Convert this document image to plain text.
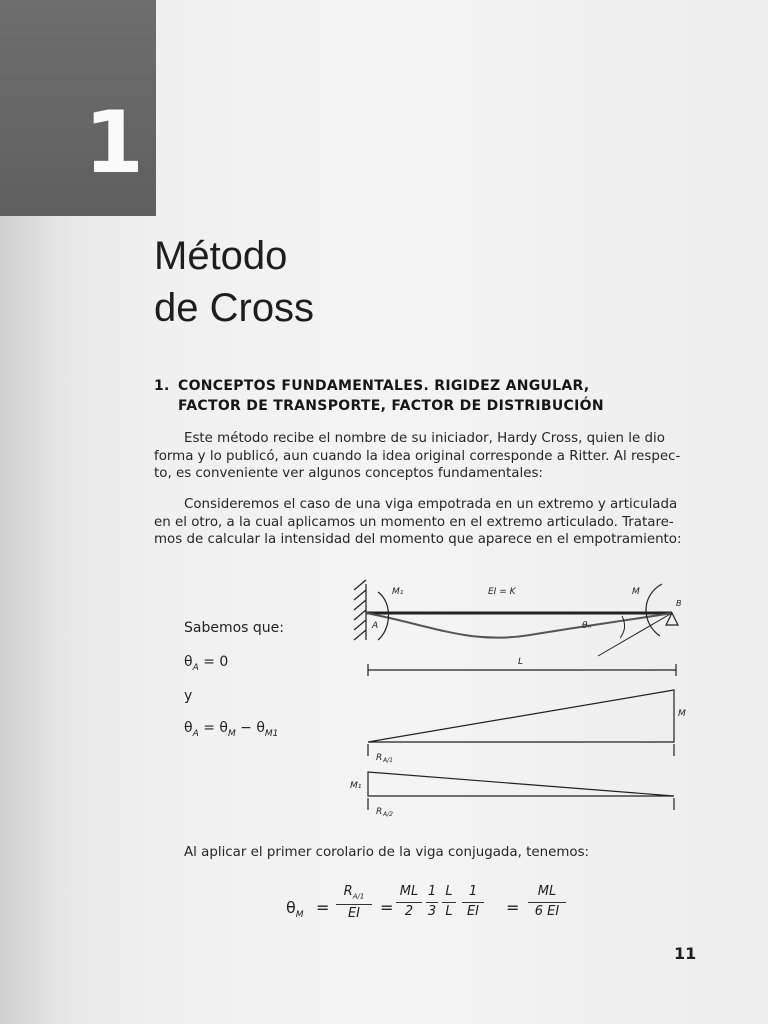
1
Método
de Cross
1. CONCEPTOS FUNDAMENTALES. RIGIDEZ ANGULAR,
FACTOR DE TRANSPORTE, FACTOR DE DISTRIBUCIÓN
Este método recibe el nombre de su iniciador, Hardy Cross, quien le dio
forma y lo publicó, aun cuando la idea original corresponde a Ritter. Al respec-
to, es conveniente ver algunos conceptos fundamentales:
Consideremos el caso de una viga empotrada en un extremo y articulada
en el otro, a la cual aplicamos un momento en el extremo articulado. Tratare-
mos de calcular la intensidad del momento que aparece en el empotramiento:
Sabemos que:
$\theta_A = 0$
y
$\theta_A = \theta_M - \theta_{M1}$
M₁	EI = K	M
B
A	θₙ
L
M
R A/1
M₁
R A/2
Al aplicar el primer corolario de la viga conjugada, tenemos:
$\theta_M = \frac{R_{A/1}}{EI} = \frac{ML}{2} \frac{1}{3} \frac{L}{L} \frac{1}{EI} = \frac{ML}{6 EI}$
11
